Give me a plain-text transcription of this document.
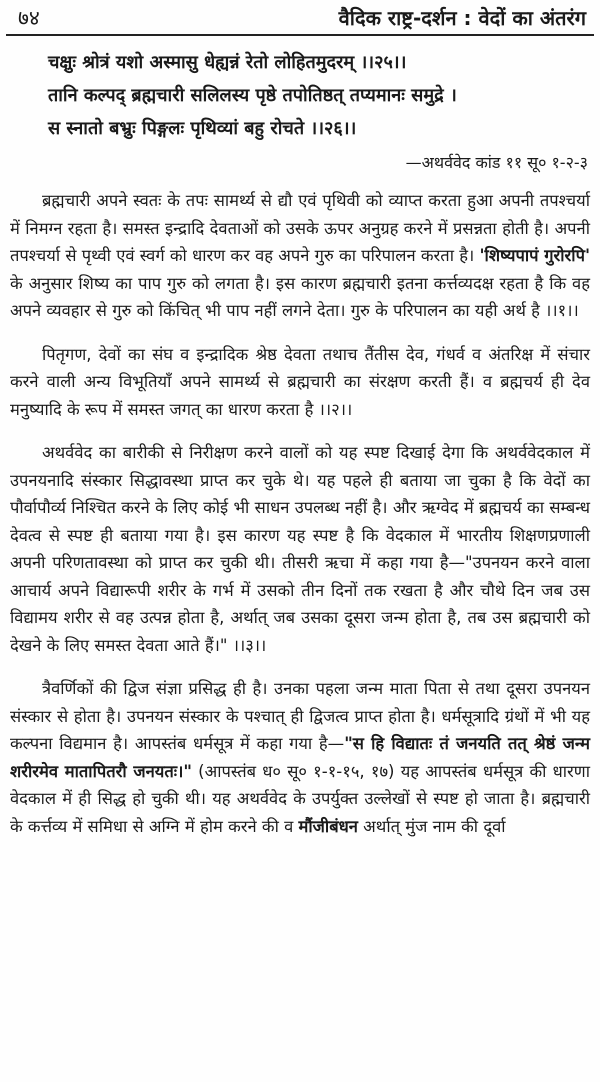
७४	वैदिक राष्ट्र-दर्शन : वेदों का अंतरंग
चक्षुः श्रोत्रं यशो अस्मासु धेह्यन्नं रेतो लोहितमुदरम् ।।२५।।
तानि कल्पद् ब्रह्मचारी सलिलस्य पृष्ठे तपोतिष्ठत् तप्यमानः समुद्रे ।
स स्नातो बभ्रुः पिङ्गलः पृथिव्यां बहु रोचते ।।२६।।
—अथर्ववेद कांड ११ सू० १-२-३

ब्रह्मचारी अपने स्वतः के तपः सामर्थ्य से द्यौ एवं पृथिवी को व्याप्त करता हुआ अपनी तपश्चर्या में निमग्न रहता है। समस्त इन्द्रादि देवताओं को उसके ऊपर अनुग्रह करने में प्रसन्नता होती है। अपनी तपश्चर्या से पृथ्वी एवं स्वर्ग को धारण कर वह अपने गुरु का परिपालन करता है। 'शिष्यपापं गुरोरपि' के अनुसार शिष्य का पाप गुरु को लगता है। इस कारण ब्रह्मचारी इतना कर्त्तव्यदक्ष रहता है कि वह अपने व्यवहार से गुरु को किंचित् भी पाप नहीं लगने देता। गुरु के परिपालन का यही अर्थ है ।।१।।

पितृगण, देवों का संघ व इन्द्रादिक श्रेष्ठ देवता तथाच तैंतीस देव, गंधर्व व अंतरिक्ष में संचार करने वाली अन्य विभूतियाँ अपने सामर्थ्य से ब्रह्मचारी का संरक्षण करती हैं। व ब्रह्मचर्य ही देव मनुष्यादि के रूप में समस्त जगत् का धारण करता है ।।२।।

अथर्ववेद का बारीकी से निरीक्षण करने वालों को यह स्पष्ट दिखाई देगा कि अथर्ववेदकाल में उपनयनादि संस्कार सिद्धावस्था प्राप्त कर चुके थे। यह पहले ही बताया जा चुका है कि वेदों का पौर्वापौर्व्य निश्चित करने के लिए कोई भी साधन उपलब्ध नहीं है। और ऋग्वेद में ब्रह्मचर्य का सम्बन्ध देवत्व से स्पष्ट ही बताया गया है। इस कारण यह स्पष्ट है कि वेदकाल में भारतीय शिक्षणप्रणाली अपनी परिणतावस्था को प्राप्त कर चुकी थी। तीसरी ऋचा में कहा गया है—"उपनयन करने वाला आचार्य अपने विद्यारूपी शरीर के गर्भ में उसको तीन दिनों तक रखता है और चौथे दिन जब उस विद्यामय शरीर से वह उत्पन्न होता है, अर्थात् जब उसका दूसरा जन्म होता है, तब उस ब्रह्मचारी को देखने के लिए समस्त देवता आते हैं।" ।।३।।

त्रैवर्णिकों की द्विज संज्ञा प्रसिद्ध ही है। उनका पहला जन्म माता पिता से तथा दूसरा उपनयन संस्कार से होता है। उपनयन संस्कार के पश्चात् ही द्विजत्व प्राप्त होता है। धर्मसूत्रादि ग्रंथों में भी यह कल्पना विद्यमान है। आपस्तंब धर्मसूत्र में कहा गया है—"स हि विद्यातः तं जनयति तत् श्रेष्ठं जन्म शरीरमेव मातापितरौ जनयतः।" (आपस्तंब ध० सू० १-१-१५, १७) यह आपस्तंब धर्मसूत्र की धारणा वेदकाल में ही सिद्ध हो चुकी थी। यह अथर्ववेद के उपर्युक्त उल्लेखों से स्पष्ट हो जाता है। ब्रह्मचारी के कर्त्तव्य में समिधा से अग्नि में होम करने की व मौंजीबंधन अर्थात् मुंज नाम की दूर्वा
